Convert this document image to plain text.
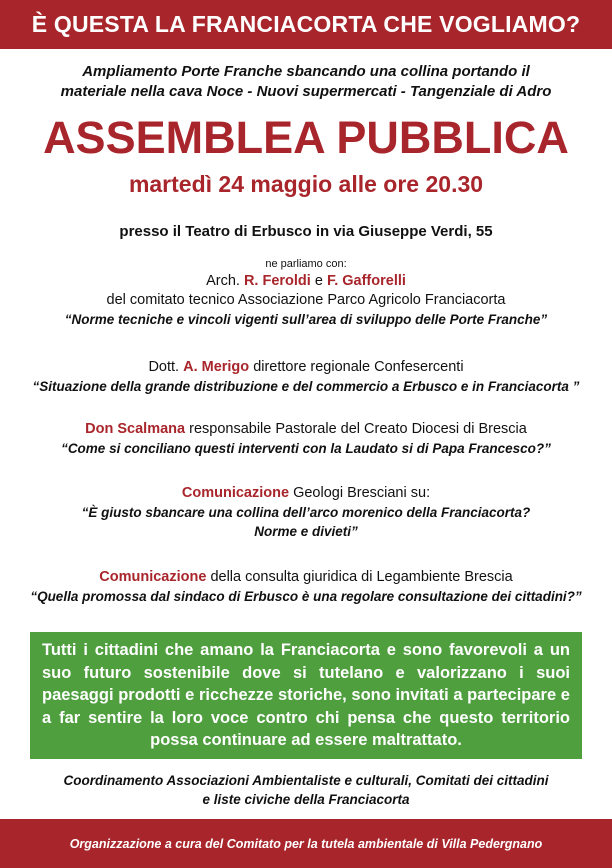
È QUESTA LA FRANCIACORTA CHE VOGLIAMO?
Ampliamento Porte Franche sbancando una collina portando il
materiale nella cava Noce - Nuovi supermercati - Tangenziale di Adro
ASSEMBLEA PUBBLICA
martedì 24 maggio alle ore 20.30
presso il Teatro di Erbusco in via Giuseppe Verdi, 55
ne parliamo con:
Arch. R. Feroldi e F. Gafforelli
del comitato tecnico Associazione Parco Agricolo Franciacorta
“Norme tecniche e vincoli vigenti sull’area di sviluppo delle Porte Franche”
Dott. A. Merigo direttore regionale Confesercenti
“Situazione della grande distribuzione e del commercio a Erbusco e in Franciacorta ”
Don Scalmana responsabile Pastorale del Creato Diocesi di Brescia
“Come si conciliano questi interventi con la Laudato si di Papa Francesco?”
Comunicazione Geologi Bresciani su:
“È giusto sbancare una collina dell’arco morenico della Franciacorta?
Norme e divieti”
Comunicazione della consulta giuridica di Legambiente Brescia
“Quella promossa dal sindaco di Erbusco è una regolare consultazione dei cittadini?”
Tutti i cittadini che amano la Franciacorta e sono favorevoli a un suo futuro sostenibile dove si tutelano e valorizzano i suoi paesaggi prodotti e ricchezze storiche, sono invitati a partecipare e a far sentire la loro voce contro chi pensa che questo territorio possa continuare ad essere maltrattato.
Coordinamento Associazioni Ambientaliste e culturali, Comitati dei cittadini
e liste civiche della Franciacorta
Organizzazione a cura del Comitato per la tutela ambientale di Villa Pedergnano
